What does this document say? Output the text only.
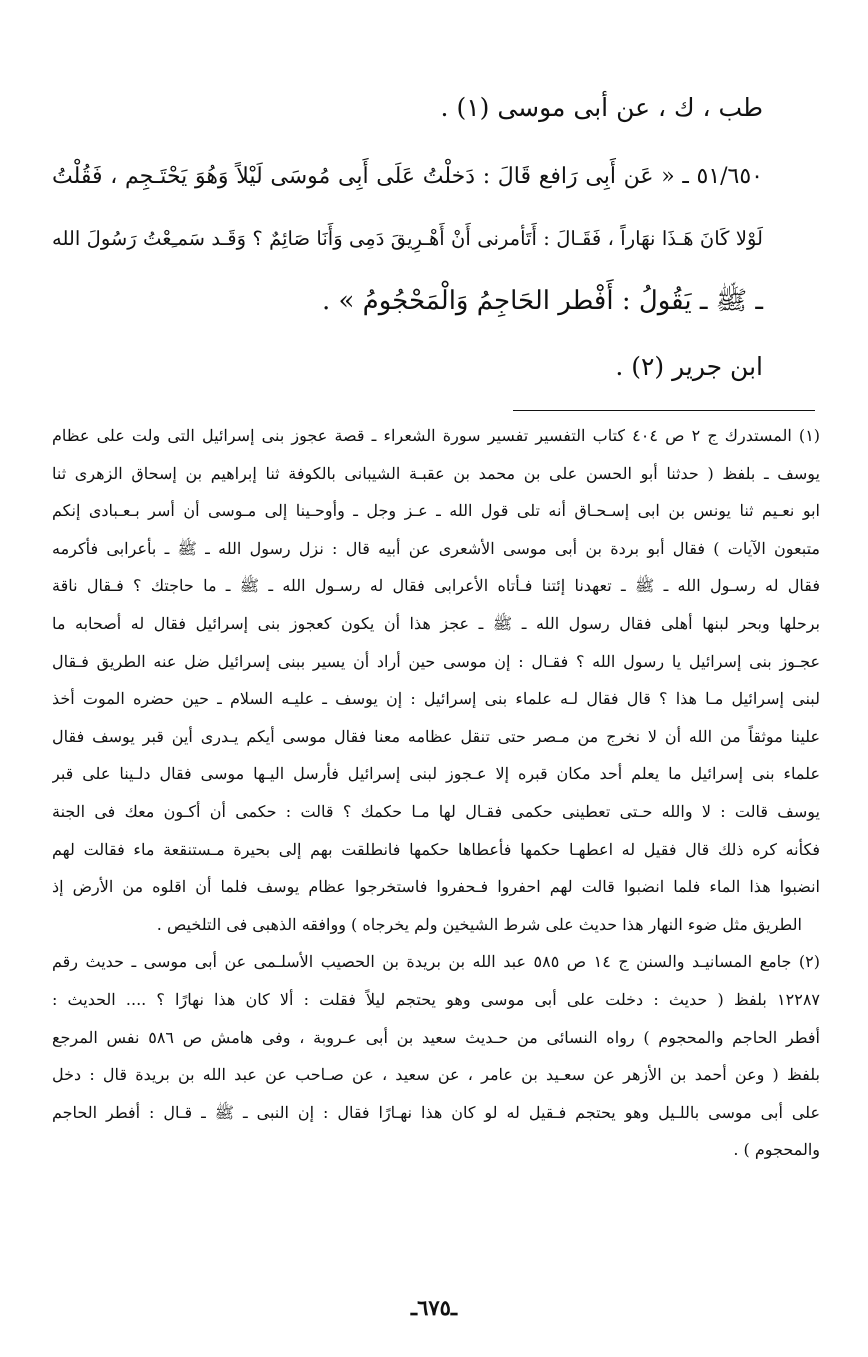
طب ، ك ، عن أبى موسى (١) .
٥١/٦٥٠ ـ « عَن أَبِى رَافع قَالَ : دَخلْتُ عَلَى أَبِى مُوسَى لَيْلاً وَهُوَ يَحْتَـجِم ، فَقُلْتُ
لَوْلا كَانَ هَـذَا نهَاراً ، فَقَـالَ : أَتَأمرنى أَنْ أَهْـرِيقَ دَمِى وَأَنَا صَائِمٌ ؟ وَقَـد سَمـِعْتُ رَسُولَ الله
ـ ﷺ ـ يَقُولُ : أَفْطر الحَاجِمُ وَالْمَحْجُومُ » .
ابن جرير (٢) .
(١) المستدرك ج ٢ ص ٤٠٤ كتاب التفسير تفسير سورة الشعراء ـ قصة عجوز بنى إسرائيل التى ولت على عظام
يوسف ـ بلفظ ( حدثنا أبو الحسن على بن محمد بن عقبـة الشيبانى بالكوفة ثنا إبراهيم بن إسحاق الزهرى ثنا
ابو نعـيم ثنا يونس بن ابى إسـحـاق أنه تلى قول الله ـ عـز وجل ـ وأوحـينا إلى مـوسى أن أسر بـعـبادى إنكم
متبعون الآيات ) فقال أبو بردة بن أبى موسى الأشعرى عن أبيه قال : نزل رسول الله ـ ﷺ ـ بأعرابى فأكرمه
فقال له رسـول الله ـ ﷺ ـ تعهدنا إئتنا فـأتاه الأعرابى فقال له رسـول الله ـ ﷺ ـ ما حاجتك ؟ فـقال ناقة
برحلها وبحر لبنها أهلى فقال رسول الله ـ ﷺ ـ عجز هذا أن يكون كعجوز بنى إسرائيل فقال له أصحابه ما
عجـوز بنى إسرائيل يا رسول الله ؟ فقـال : إن موسى حين أراد أن يسير ببنى إسرائيل ضل عنه الطريق فـقال
لبنى إسرائيل مـا هذا ؟ قال فقال لـه علماء بنى إسرائيل : إن يوسف ـ عليـه السلام ـ حين حضره الموت أخذ
علينا موثقاً من الله أن لا نخرج من مـصر حتى تنقل عظامه معنا فقال موسى أيكم يـدرى أين قبر يوسف فقال
علماء بنى إسرائيل ما يعلم أحد مكان قبره إلا عـجوز لبنى إسرائيل فأرسل اليـها موسى فقال دلـينا على قبر
يوسف قالت : لا والله حـتى تعطينى حكمى فقـال لها مـا حكمك ؟ قالت : حكمى أن أكـون معك فى الجنة
فكأنه كره ذلك قال فقيل له اعطهـا حكمها فأعطاها حكمها فانطلقت بهم إلى بحيرة مـستنقعة ماء فقالت لهم
انضبوا هذا الماء فلما انضبوا قالت لهم احفروا فـحفروا فاستخرجوا عظام يوسف فلما أن اقلوه من الأرض إذ
الطريق مثل ضوء النهار هذا حديث على شرط الشيخين ولم يخرجاه ) ووافقه الذهبى فى التلخيص .
(٢) جامع المسانيـد والسنن ج ١٤ ص ٥٨٥ عبد الله بن بريدة بن الحصيب الأسلـمى عن أبى موسى ـ حديث رقم
١٢٢٨٧ بلفظ ( حديث : دخلت على أبى موسى وهو يحتجم ليلاً فقلت : ألا كان هذا نهارًا ؟ .... الحديث :
أفطر الحاجم والمحجوم ) رواه النسائى من حـديث سعيد بن أبى عـروبة ، وفى هامش ص ٥٨٦ نفس المرجع
بلفظ ( وعن أحمد بن الأزهر عن سعـيد بن عامر ، عن سعيد ، عن صـاحب عن عبد الله بن بريدة قال : دخل
على أبى موسى باللـيل وهو يحتجم فـقيل له لو كان هذا نهـارًا فقال : إن النبى ـ ﷺ ـ قـال : أفطر الحاجم
والمحجوم ) .
ـ٦٧٥ـ
